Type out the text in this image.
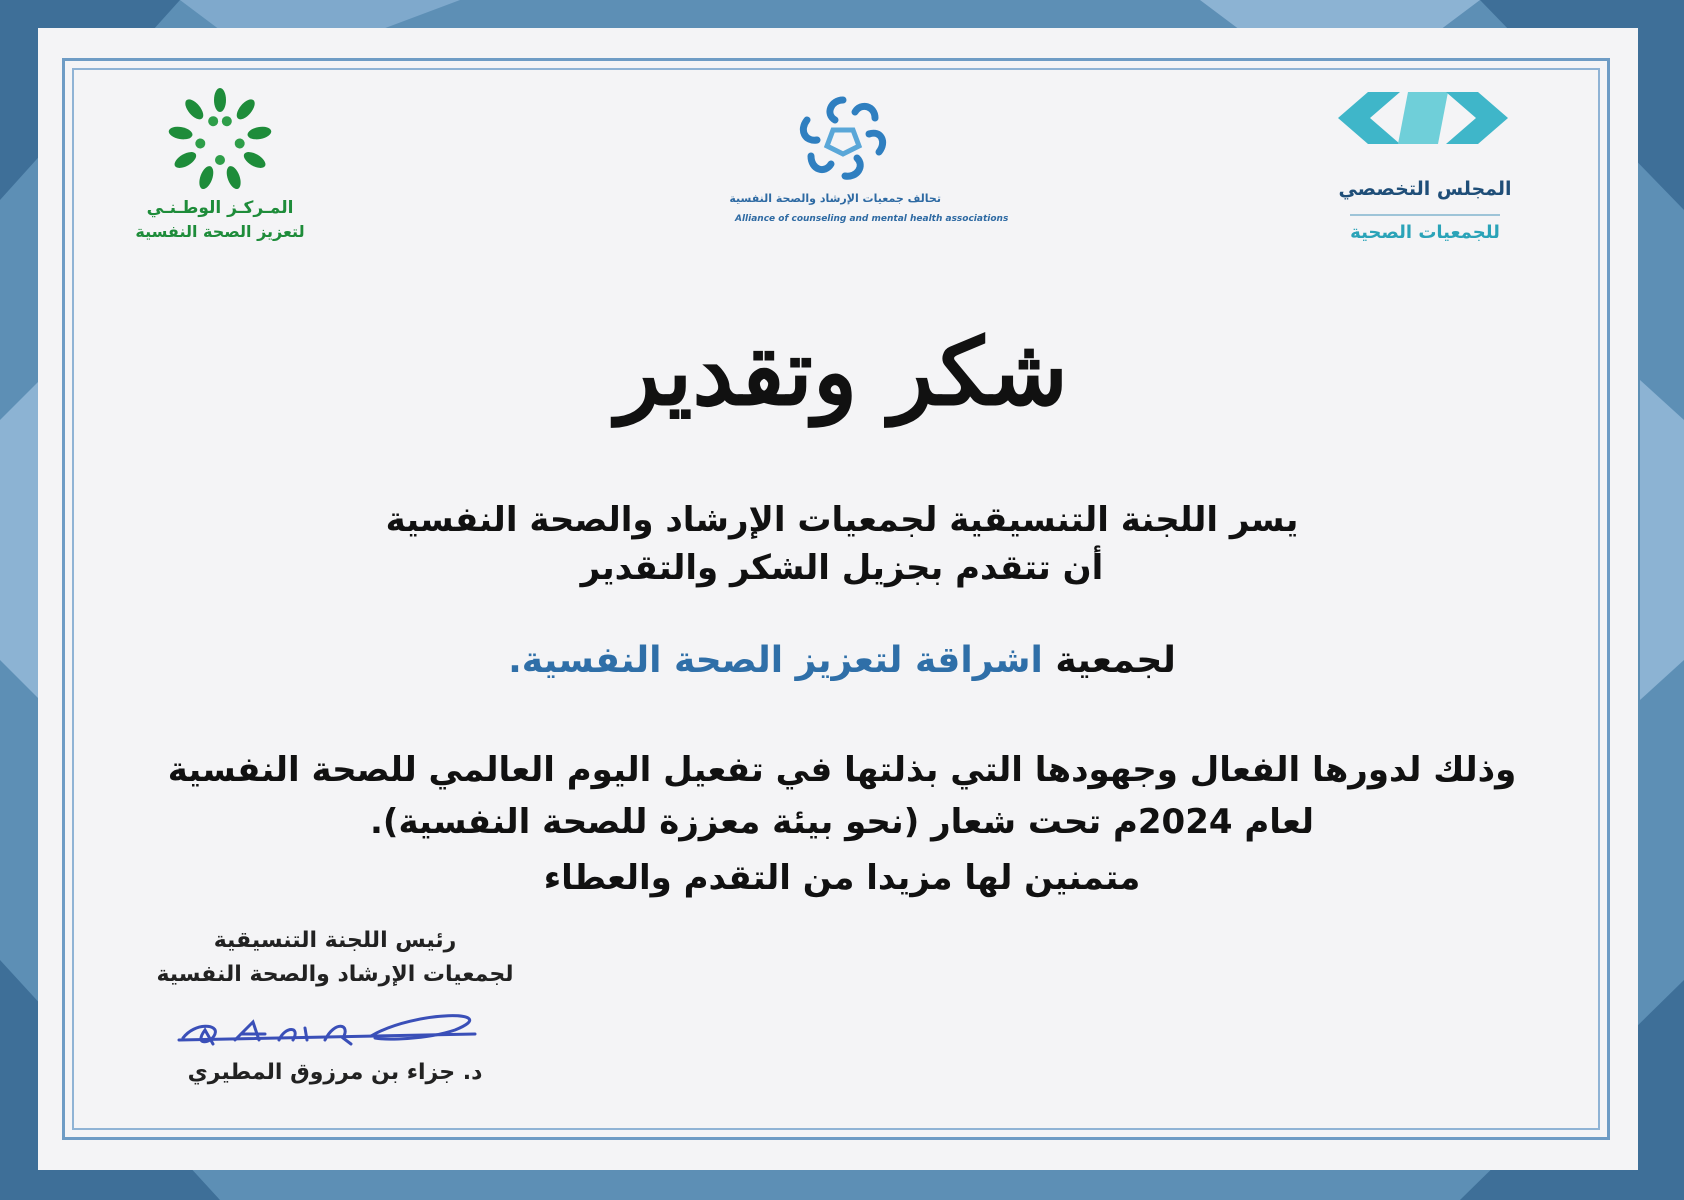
المجلس التخصصي
للجمعيات الصحية
تحالف جمعيات الإرشاد والصحة النفسية
Alliance of counseling and mental health associations
المـركـز الوطـنـي
لتعزيز الصحة النفسية
شكر وتقدير
يسر اللجنة التنسيقية لجمعيات الإرشاد والصحة النفسية
أن تتقدم بجزيل الشكر والتقدير
لجمعية اشراقة لتعزيز الصحة النفسية.
وذلك لدورها الفعال وجهودها التي بذلتها في تفعيل اليوم العالمي للصحة النفسية
لعام 2024م تحت شعار (نحو بيئة معززة للصحة النفسية).
متمنين لها مزيدا من التقدم والعطاء
رئيس اللجنة التنسيقية
لجمعيات الإرشاد والصحة النفسية
د. جزاء بن مرزوق المطيري
